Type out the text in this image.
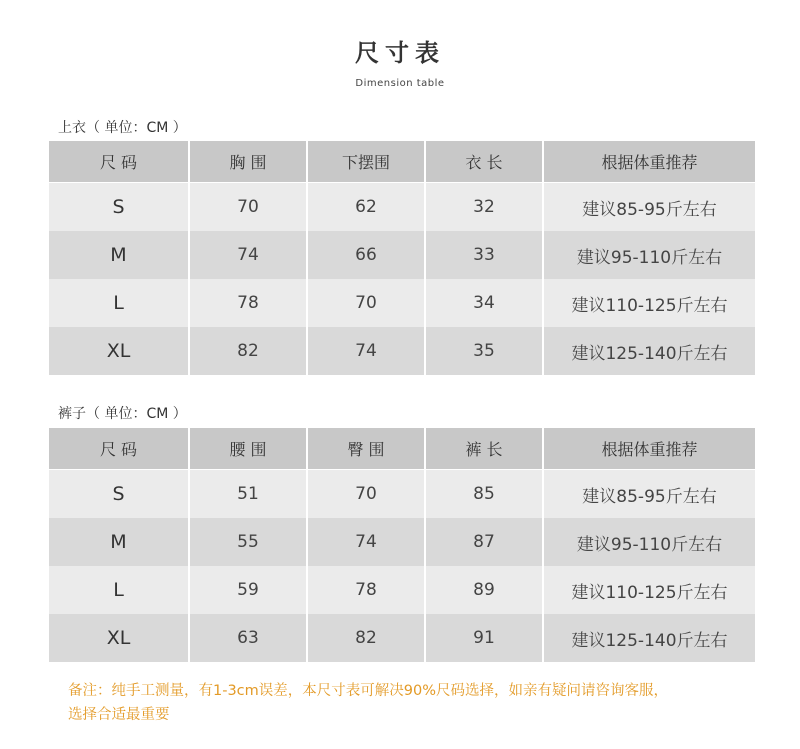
尺寸表
Dimension table
上衣（ 单位：CM ）
尺 码	胸 围	下摆围	衣 长	根据体重推荐
S	70	62	32	建议85-95斤左右
M	74	66	33	建议95-110斤左右
L	78	70	34	建议110-125斤左右
XL	82	74	35	建议125-140斤左右
裤子（ 单位：CM ）
尺 码	腰 围	臀 围	裤 长	根据体重推荐
S	51	70	85	建议85-95斤左右
M	55	74	87	建议95-110斤左右
L	59	78	89	建议110-125斤左右
XL	63	82	91	建议125-140斤左右
备注：纯手工测量，有1-3cm误差，本尺寸表可解决90%尺码选择，如亲有疑问请咨询客服，
选择合适最重要
